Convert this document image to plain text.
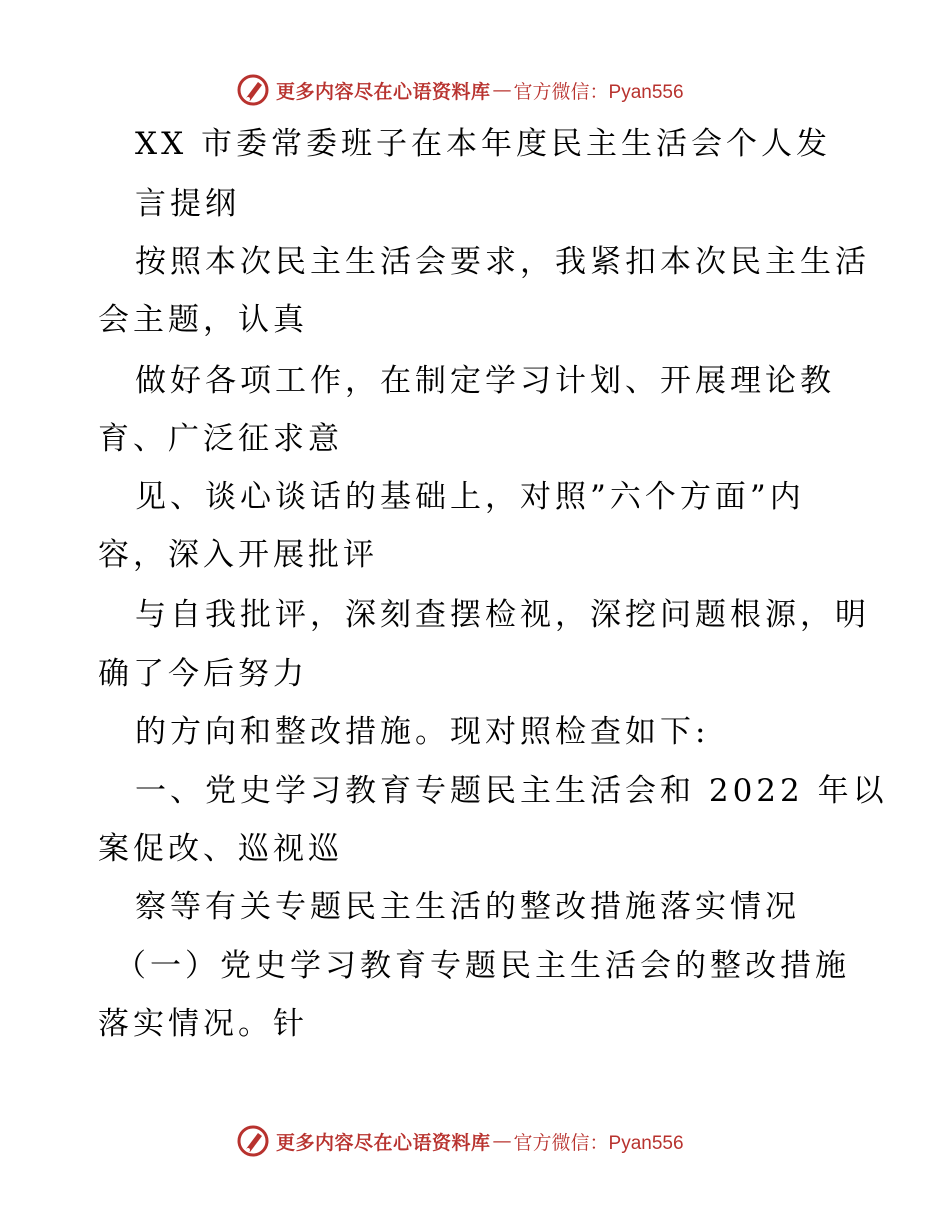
更多内容尽在心语资料库 — 官方微信：Pyan556
XX 市委常委班子在本年度民主生活会个人发
言提纲
按照本次民主生活会要求，我紧扣本次民主生活
会主题，认真
做好各项工作，在制定学习计划、开展理论教
育、广泛征求意
见、谈心谈话的基础上，对照”六个方面”内
容，深入开展批评
与自我批评，深刻查摆检视，深挖问题根源，明
确了今后努力
的方向和整改措施。现对照检查如下:
一、党史学习教育专题民主生活会和 2022 年以
案促改、巡视巡
察等有关专题民主生活的整改措施落实情况
（一）党史学习教育专题民主生活会的整改措施
落实情况。针
更多内容尽在心语资料库 — 官方微信：Pyan556
